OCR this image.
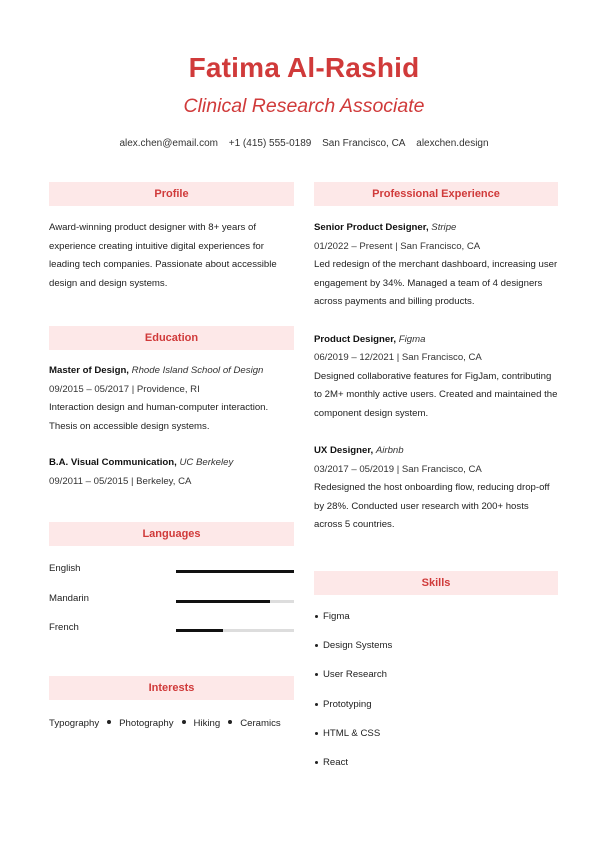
Fatima Al-Rashid
Clinical Research Associate
alex.chen@email.com +1 (415) 555-0189 San Francisco, CA alexchen.design
Profile
Award-winning product designer with 8+ years of experience creating intuitive digital experiences for leading tech companies. Passionate about accessible design and design systems.
Education
Master of Design, Rhode Island School of Design
09/2015 – 05/2017 | Providence, RI
Interaction design and human-computer interaction. Thesis on accessible design systems.
B.A. Visual Communication, UC Berkeley
09/2011 – 05/2015 | Berkeley, CA
Languages
English
Mandarin
French
Interests
Typography Photography Hiking Ceramics
Professional Experience
Senior Product Designer, Stripe
01/2022 – Present | San Francisco, CA
Led redesign of the merchant dashboard, increasing user engagement by 34%. Managed a team of 4 designers across payments and billing products.
Product Designer, Figma
06/2019 – 12/2021 | San Francisco, CA
Designed collaborative features for FigJam, contributing to 2M+ monthly active users. Created and maintained the component design system.
UX Designer, Airbnb
03/2017 – 05/2019 | San Francisco, CA
Redesigned the host onboarding flow, reducing drop-off by 28%. Conducted user research with 200+ hosts across 5 countries.
Skills
Figma
Design Systems
User Research
Prototyping
HTML & CSS
React
